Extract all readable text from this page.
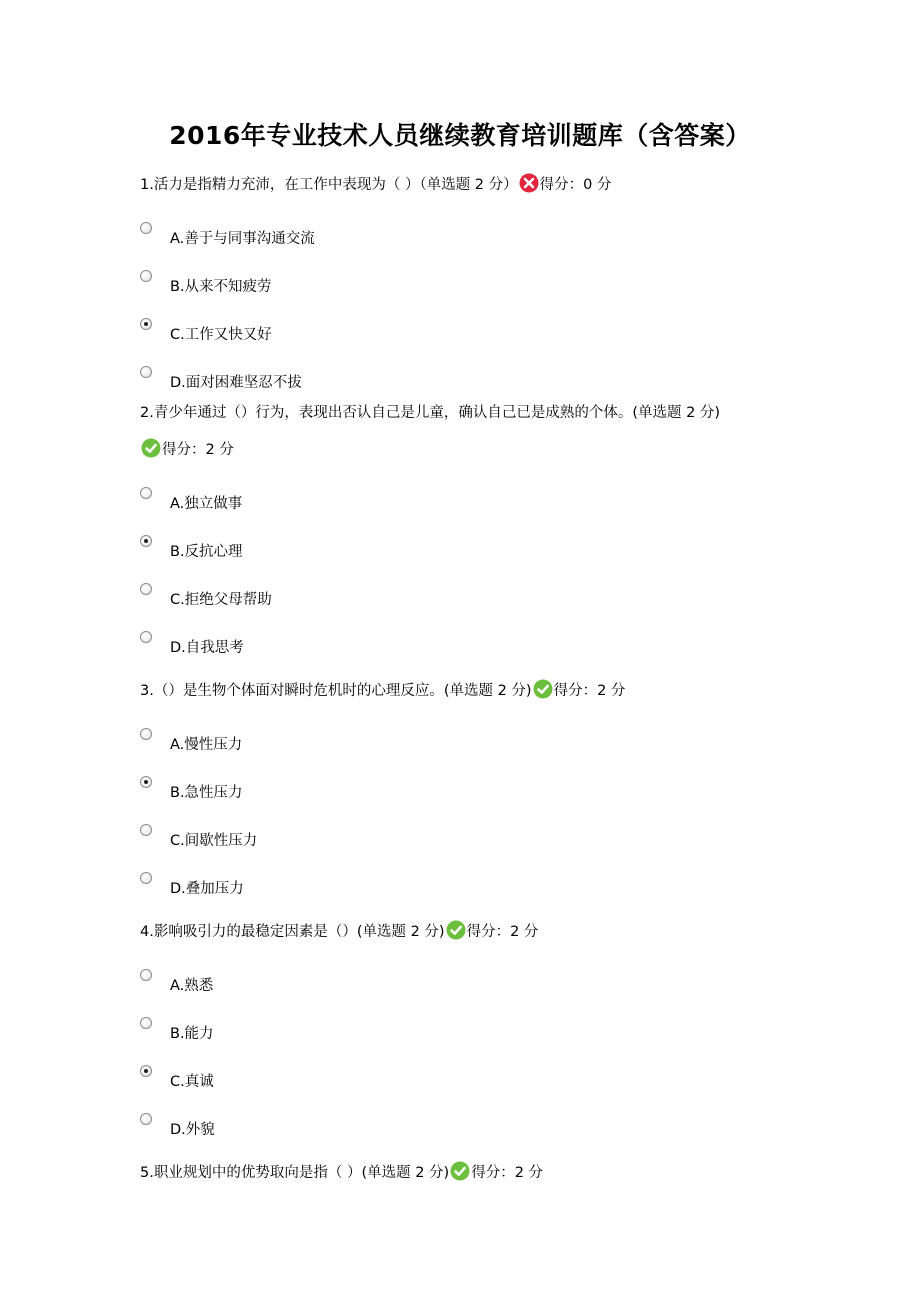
2016年专业技术人员继续教育培训题库（含答案）
1.活力是指精力充沛，在工作中表现为（ ）（单选题 2 分） 得分：0 分
A.善于与同事沟通交流
B.从来不知疲劳
C.工作又快又好
D.面对困难坚忍不拔
2.青少年通过（）行为，表现出否认自己是儿童，确认自己已是成熟的个体。(单选题 2 分)
得分：2 分
A.独立做事
B.反抗心理
C.拒绝父母帮助
D.自我思考
3.（）是生物个体面对瞬时危机时的心理反应。(单选题 2 分) 得分：2 分
A.慢性压力
B.急性压力
C.间歇性压力
D.叠加压力
4.影响吸引力的最稳定因素是（）(单选题 2 分) 得分：2 分
A.熟悉
B.能力
C.真诚
D.外貌
5.职业规划中的优势取向是指（ ）(单选题 2 分) 得分：2 分
